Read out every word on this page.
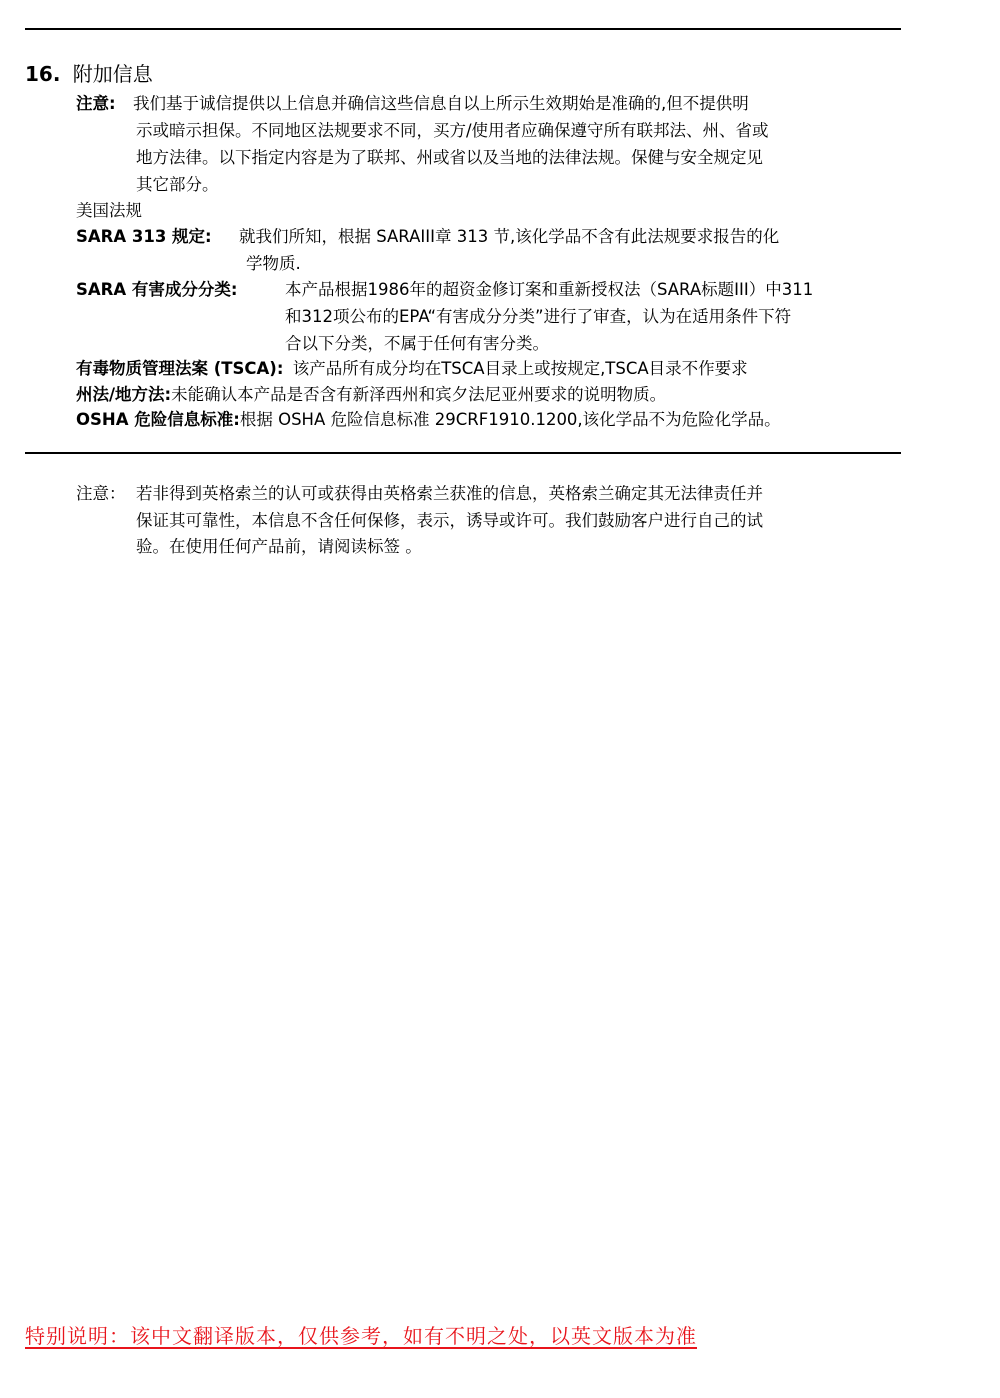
16. 附加信息
注意: 我们基于诚信提供以上信息并确信这些信息自以上所示生效期始是准确的,但不提供明
示或暗示担保。不同地区法规要求不同，买方/使用者应确保遵守所有联邦法、州、省或
地方法律。以下指定内容是为了联邦、州或省以及当地的法律法规。保健与安全规定见
其它部分。
美国法规
SARA 313 规定: 就我们所知，根据 SARAIII章 313 节,该化学品不含有此法规要求报告的化
学物质.
SARA 有害成分分类:	本产品根据1986年的超资金修订案和重新授权法（SARA标题III）中311
和312项公布的EPA“有害成分分类”进行了审查，认为在适用条件下符
合以下分类，不属于任何有害分类。
有毒物质管理法案 (TSCA): 该产品所有成分均在TSCA目录上或按规定,TSCA目录不作要求
州法/地方法:未能确认本产品是否含有新泽西州和宾夕法尼亚州要求的说明物质。
OSHA 危险信息标准:根据 OSHA 危险信息标准 29CRF1910.1200,该化学品不为危险化学品。
注意： 若非得到英格索兰的认可或获得由英格索兰获准的信息，英格索兰确定其无法律责任并
保证其可靠性，本信息不含任何保修，表示，诱导或许可。我们鼓励客户进行自己的试
验。在使用任何产品前，请阅读标签 。
特别说明：该中文翻译版本，仅供参考，如有不明之处，以英文版本为准
